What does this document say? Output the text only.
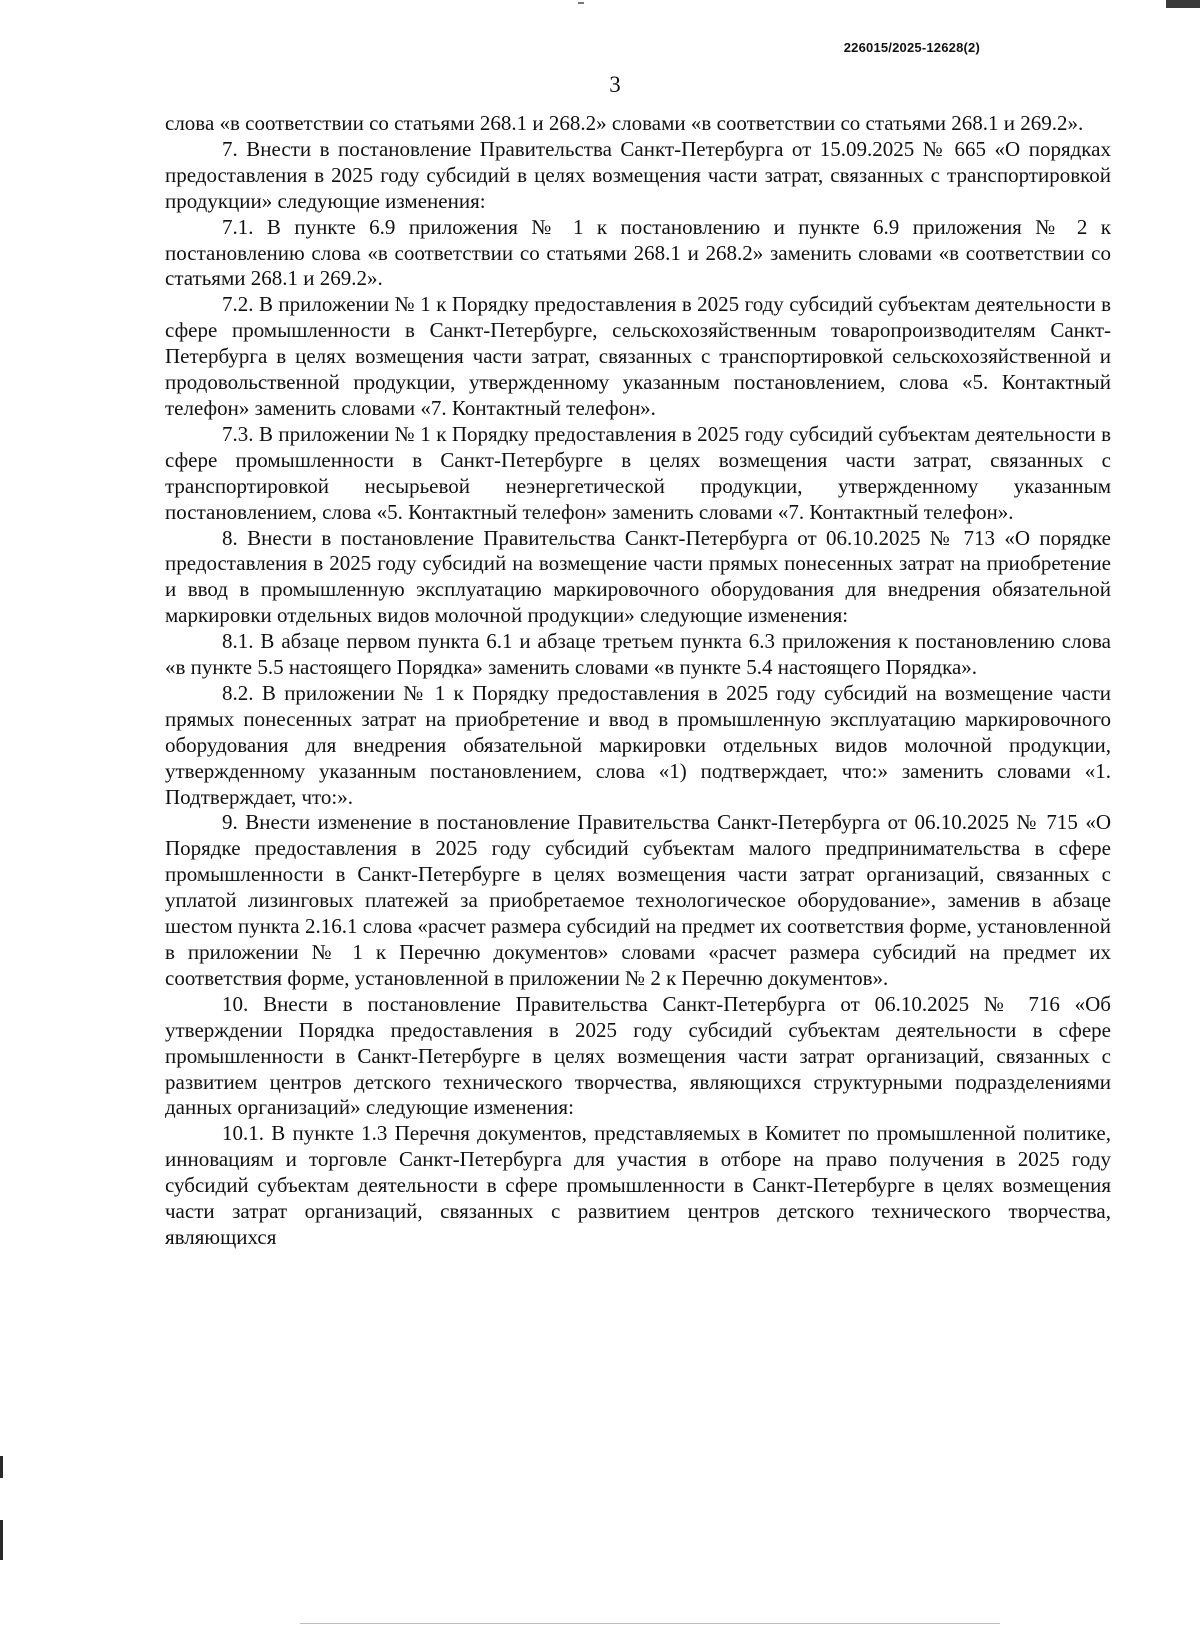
226015/2025-12628(2)
3

слова «в соответствии со статьями 268.1 и 268.2» словами «в соответствии со статьями 268.1 и 269.2».

7. Внести в постановление Правительства Санкт-Петербурга от 15.09.2025 № 665 «О порядках предоставления в 2025 году субсидий в целях возмещения части затрат, связанных с транспортировкой продукции» следующие изменения:

7.1. В пункте 6.9 приложения № 1 к постановлению и пункте 6.9 приложения № 2 к постановлению слова «в соответствии со статьями 268.1 и 268.2» заменить словами «в соответствии со статьями 268.1 и 269.2».

7.2. В приложении № 1 к Порядку предоставления в 2025 году субсидий субъектам деятельности в сфере промышленности в Санкт-Петербурге, сельскохозяйственным товаропроизводителям Санкт-Петербурга в целях возмещения части затрат, связанных с транспортировкой сельскохозяйственной и продовольственной продукции, утвержденному указанным постановлением, слова «5. Контактный телефон» заменить словами «7. Контактный телефон».

7.3. В приложении № 1 к Порядку предоставления в 2025 году субсидий субъектам деятельности в сфере промышленности в Санкт-Петербурге в целях возмещения части затрат, связанных с транспортировкой несырьевой неэнергетической продукции, утвержденному указанным постановлением, слова «5. Контактный телефон» заменить словами «7. Контактный телефон».

8. Внести в постановление Правительства Санкт-Петербурга от 06.10.2025 № 713 «О порядке предоставления в 2025 году субсидий на возмещение части прямых понесенных затрат на приобретение и ввод в промышленную эксплуатацию маркировочного оборудования для внедрения обязательной маркировки отдельных видов молочной продукции» следующие изменения:

8.1. В абзаце первом пункта 6.1 и абзаце третьем пункта 6.3 приложения к постановлению слова «в пункте 5.5 настоящего Порядка» заменить словами «в пункте 5.4 настоящего Порядка».

8.2. В приложении № 1 к Порядку предоставления в 2025 году субсидий на возмещение части прямых понесенных затрат на приобретение и ввод в промышленную эксплуатацию маркировочного оборудования для внедрения обязательной маркировки отдельных видов молочной продукции, утвержденному указанным постановлением, слова «1) подтверждает, что:» заменить словами «1. Подтверждает, что:».

9. Внести изменение в постановление Правительства Санкт-Петербурга от 06.10.2025 № 715 «О Порядке предоставления в 2025 году субсидий субъектам малого предпринимательства в сфере промышленности в Санкт-Петербурге в целях возмещения части затрат организаций, связанных с уплатой лизинговых платежей за приобретаемое технологическое оборудование», заменив в абзаце шестом пункта 2.16.1 слова «расчет размера субсидий на предмет их соответствия форме, установленной в приложении № 1 к Перечню документов» словами «расчет размера субсидий на предмет их соответствия форме, установленной в приложении № 2 к Перечню документов».

10. Внести в постановление Правительства Санкт-Петербурга от 06.10.2025 № 716 «Об утверждении Порядка предоставления в 2025 году субсидий субъектам деятельности в сфере промышленности в Санкт-Петербурге в целях возмещения части затрат организаций, связанных с развитием центров детского технического творчества, являющихся структурными подразделениями данных организаций» следующие изменения:

10.1. В пункте 1.3 Перечня документов, представляемых в Комитет по промышленной политике, инновациям и торговле Санкт-Петербурга для участия в отборе на право получения в 2025 году субсидий субъектам деятельности в сфере промышленности в Санкт-Петербурге в целях возмещения части затрат организаций, связанных с развитием центров детского технического творчества, являющихся
